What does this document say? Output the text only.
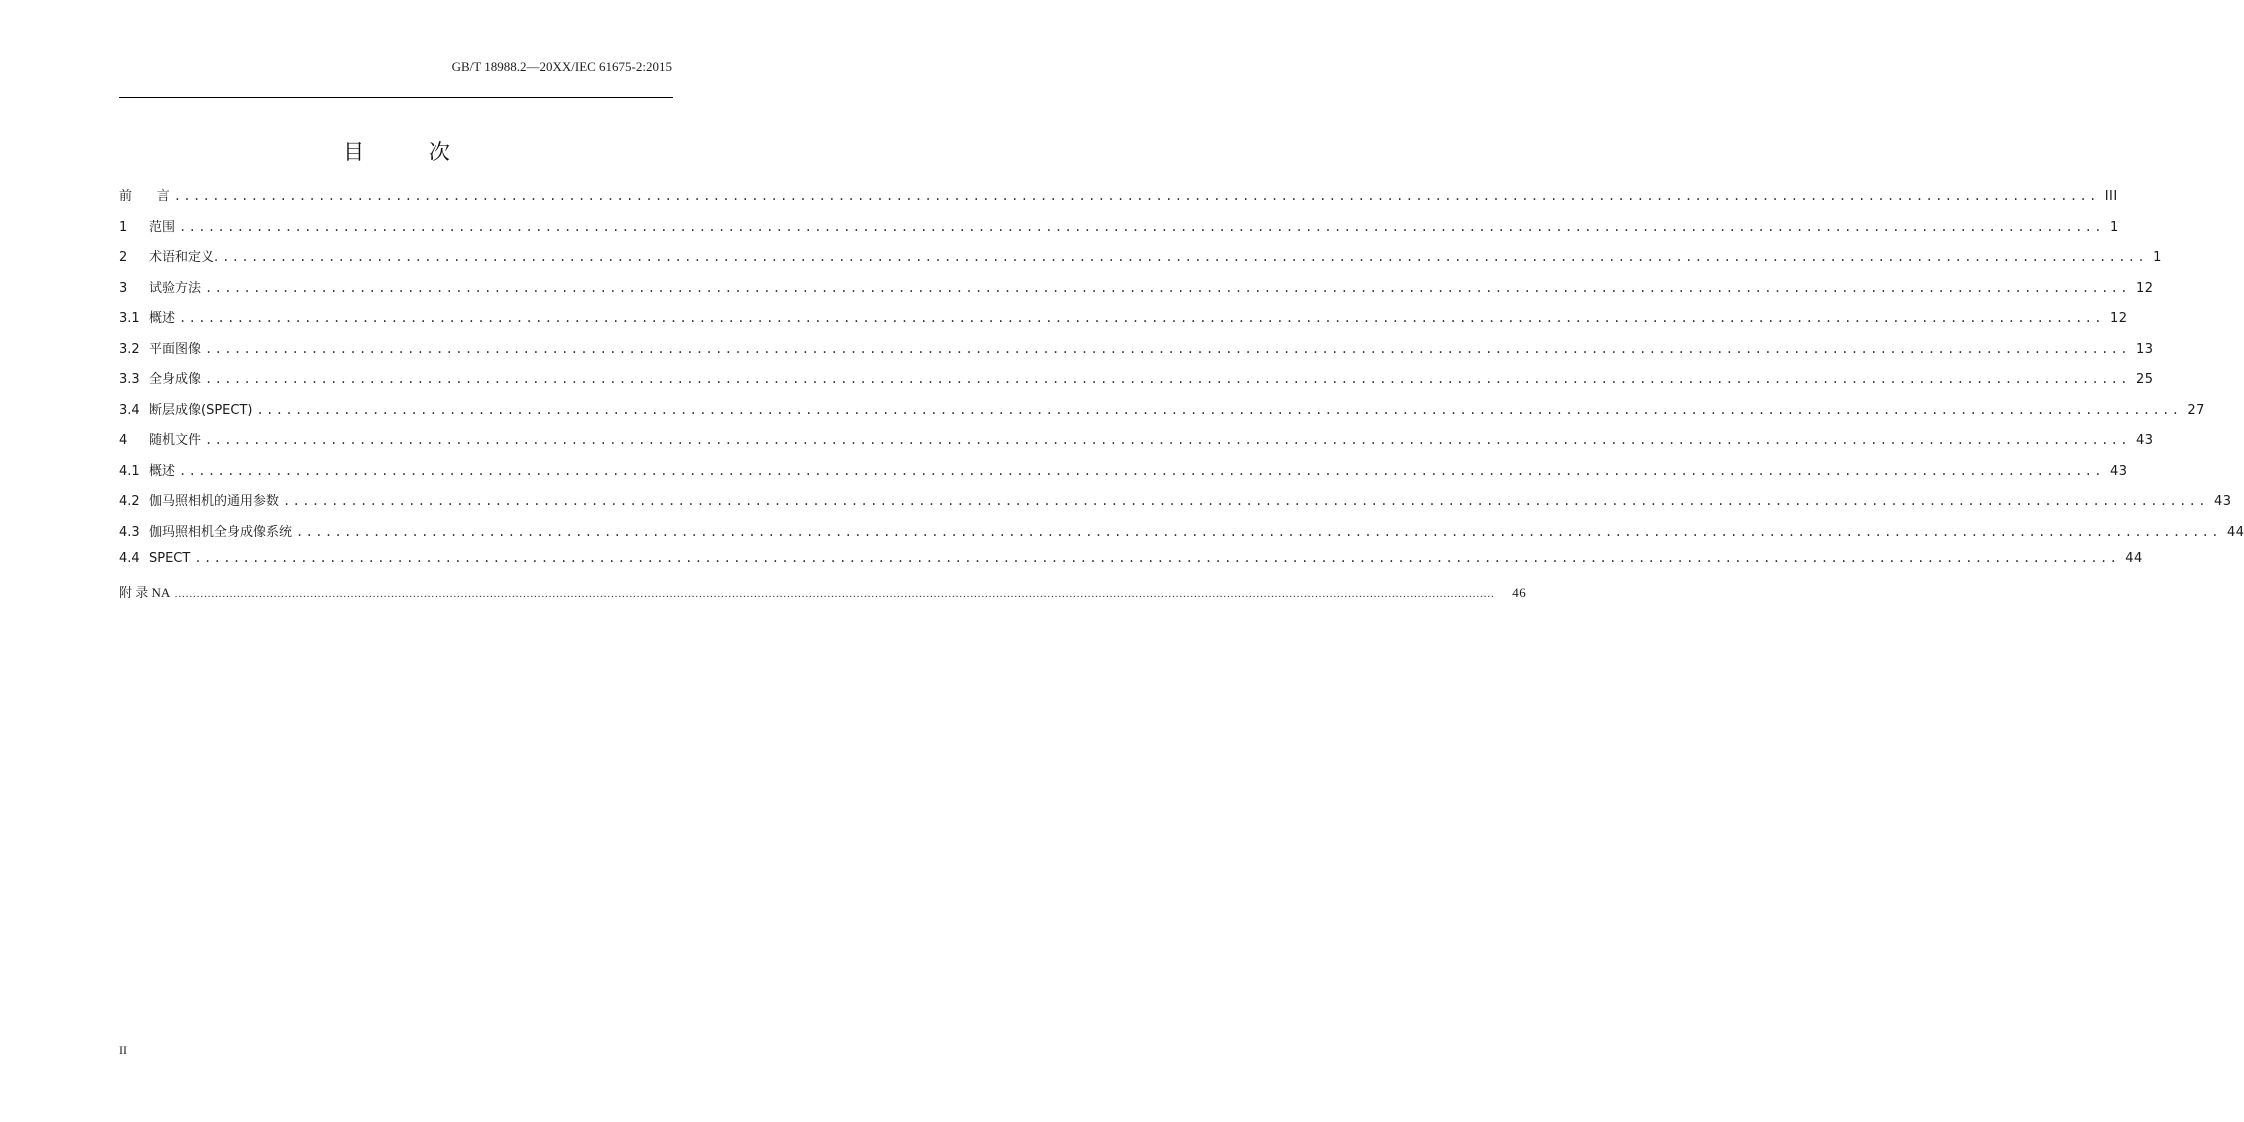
GB/T 18988.2—20XX/IEC 61675-2:2015
目 次
前      言 ........................................................................................................................................................................................................ III
1	范围 ........................................................................................................................................................................................................ 1
2	术语和定义. ........................................................................................................................................................................................................ 1
3	试验方法 ........................................................................................................................................................................................................ 12
3.1 概述 ........................................................................................................................................................................................................ 12
3.2 平面图像 ........................................................................................................................................................................................................ 13
3.3 全身成像 ........................................................................................................................................................................................................ 25
3.4 断层成像(SPECT) ........................................................................................................................................................................................................ 27
4	随机文件 ........................................................................................................................................................................................................ 43
4.1 概述 ........................................................................................................................................................................................................ 43
4.2 伽马照相机的通用参数 ........................................................................................................................................................................................................ 43
4.3 伽玛照相机全身成像系统 ........................................................................................................................................................................................................ 44
4.4 SPECT ........................................................................................................................................................................................................ 44
附 录 NA ……………………………………………………………………………………………………………………………………………………………………………………………………………………………………………………………………………………………………………………………… 46
II
